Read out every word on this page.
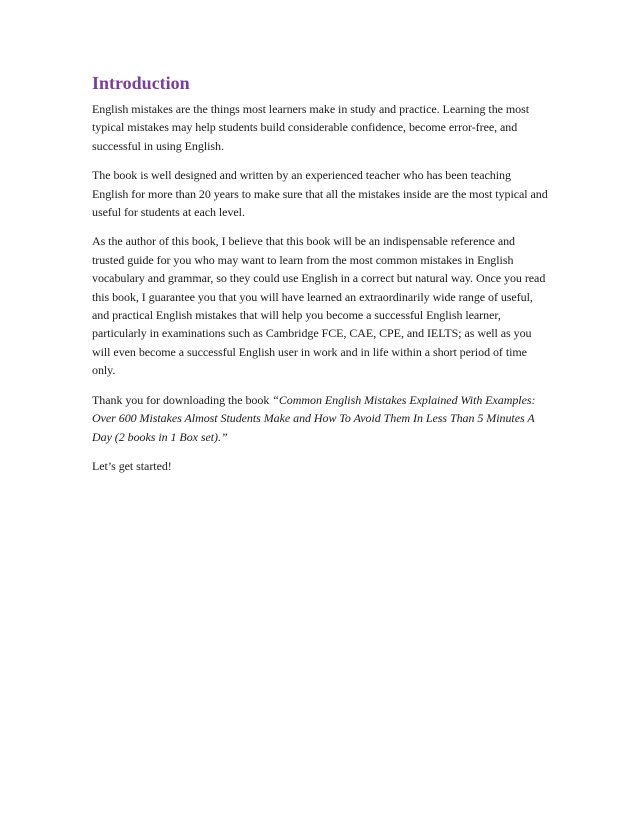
Introduction

English mistakes are the things most learners make in study and practice. Learning the most typical mistakes may help students build considerable confidence, become error-free, and successful in using English.

The book is well designed and written by an experienced teacher who has been teaching English for more than 20 years to make sure that all the mistakes inside are the most typical and useful for students at each level.

As the author of this book, I believe that this book will be an indispensable reference and trusted guide for you who may want to learn from the most common mistakes in English vocabulary and grammar, so they could use English in a correct but natural way. Once you read this book, I guarantee you that you will have learned an extraordinarily wide range of useful, and practical English mistakes that will help you become a successful English learner, particularly in examinations such as Cambridge FCE, CAE, CPE, and IELTS; as well as you will even become a successful English user in work and in life within a short period of time only.

Thank you for downloading the book “Common English Mistakes Explained With Examples: Over 600 Mistakes Almost Students Make and How To Avoid Them In Less Than 5 Minutes A Day (2 books in 1 Box set).”

Let’s get started!
